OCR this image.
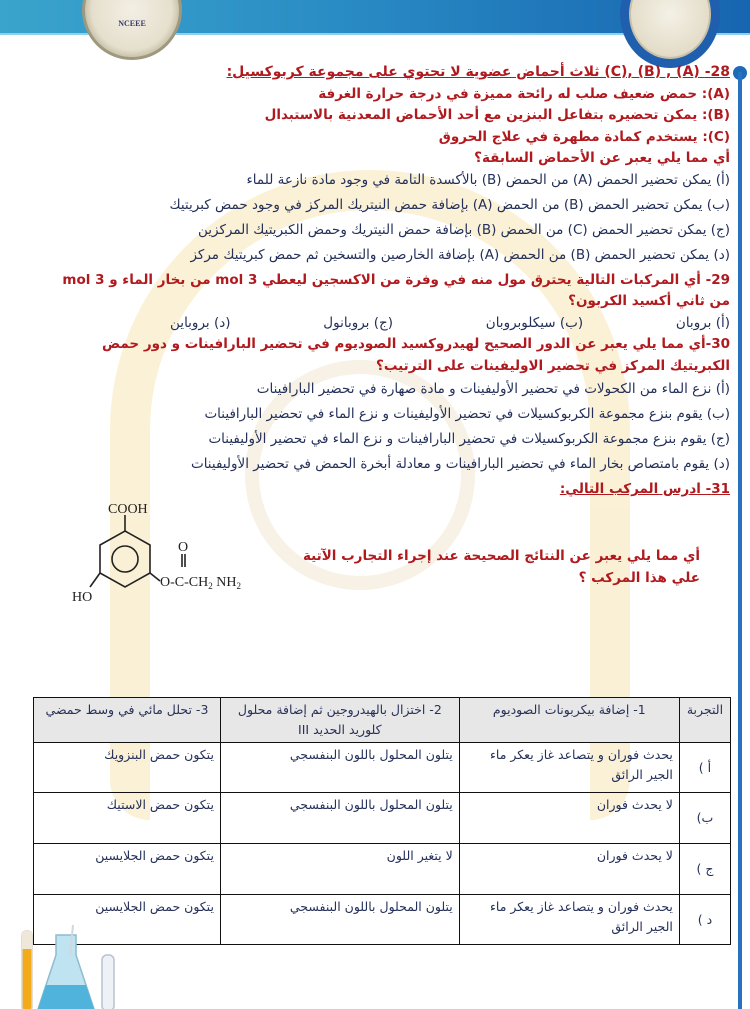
NCEEE
28- (A) , (B) ,(C) ثلاث أحماض عضوية لا تحتوي على مجموعة كربوكسيل:
(A): حمض ضعيف صلب له رائحة مميزة في درجة حرارة الغرفة
(B): يمكن تحضيره بتفاعل البنزين مع أحد الأحماض المعدنية بالاستبدال
(C): يستخدم كمادة مطهرة في علاج الحروق
أي مما يلي يعبر عن الأحماض السابقة؟
(أ) يمكن تحضير الحمض (A) من الحمض (B) بالأكسدة التامة في وجود مادة نازعة للماء
(ب) يمكن تحضير الحمض (B) من الحمض (A) بإضافة حمض النيتريك المركز في وجود حمض كبريتيك
(ج) يمكن تحضير الحمض (C) من الحمض (B) بإضافة حمض النيتريك وحمض الكبريتيك المركزين
(د) يمكن تحضير الحمض (B) من الحمض (A) بإضافة الخارصين والتسخين ثم حمض كبريتيك مركز
29- أي المركبات التالية يحترق مول منه في وفرة من الاكسجين ليعطي 3 mol من بخار الماء و 3 mol
من ثاني أكسيد الكربون؟
(أ) بروبان
(ب) سيكلوبروبان
(ج) بروبانول
(د) بروباين
30-أي مما يلي يعبر عن الدور الصحيح لهيدروكسيد الصوديوم في تحضير البارافينات و دور حمض
الكبريتيك المركز في تحضير الاوليفينات على الترتيب؟
(أ) نزع الماء من الكحولات في تحضير الأوليفينات و مادة صهارة في تحضير البارافينات
(ب) يقوم بنزع مجموعة الكربوكسيلات في تحضير الأوليفينات و نزع الماء في تحضير البارافينات
(ج) يقوم بنزع مجموعة الكربوكسيلات في تحضير البارافينات و نزع الماء في تحضير الأوليفينات
(د) يقوم بامتصاص بخار الماء في تحضير البارافينات و معادلة أبخرة الحمض في تحضير الأوليفينات
31- ادرس المركب التالي:
COOH
HO
O
$O-C-CH_2$ $NH_2$
أي مما يلي يعبر عن النتائج الصحيحة عند إجراء التجارب الآتية
علي هذا المركب ؟
التجربة	1- إضافة بيكربونات الصوديوم	2- اختزال بالهيدروجين ثم إضافة محلول كلوريد الحديد III	3- تحلل مائي في وسط حمضي
أ )	يحدث فوران و يتصاعد غاز يعكر ماء الجير الرائق	يتلون المحلول باللون البنفسجي	يتكون حمض البنزويك
ب)	لا يحدث فوران	يتلون المحلول باللون البنفسجي	يتكون حمض الاستيك
ج )	لا يحدث فوران	لا يتغير اللون	يتكون حمض الجلايسين
د )	يحدث فوران و يتصاعد غاز يعكر ماء الجير الرائق	يتلون المحلول باللون البنفسجي	يتكون حمض الجلايسين
